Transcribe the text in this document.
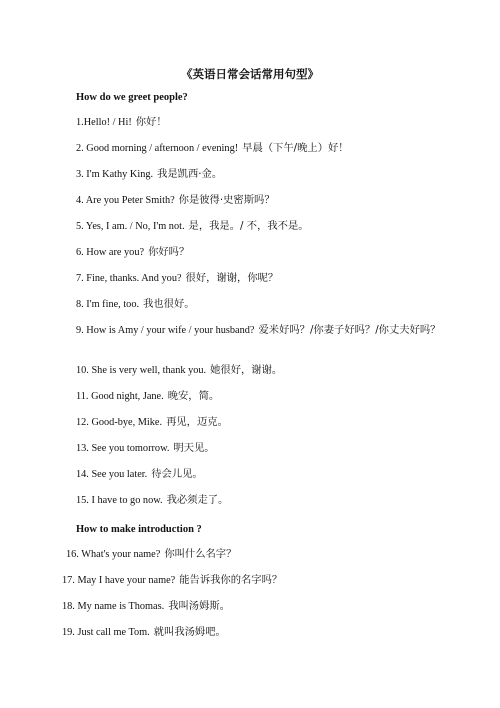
《英语日常会话常用句型》
How do we greet people?
1.Hello! / Hi! 你好！
2. Good morning / afternoon / evening! 早晨（下午/晚上）好！
3. I'm Kathy King. 我是凯西·金。
4. Are you Peter Smith? 你是彼得·史密斯吗？
5. Yes, I am. / No, I'm not. 是，我是。/ 不，我不是。
6. How are you? 你好吗？
7. Fine, thanks. And you? 很好，谢谢，你呢？
8. I'm fine, too. 我也很好。
9. How is Amy / your wife / your husband? 爱米好吗？/你妻子好吗？/你丈夫好吗？
10. She is very well, thank you. 她很好，谢谢。
11. Good night, Jane. 晚安，简。
12. Good-bye, Mike. 再见，迈克。
13. See you tomorrow. 明天见。
14. See you later. 待会儿见。
15. I have to go now. 我必须走了。
How to make introduction ?
16. What's your name? 你叫什么名字？
17. May I have your name? 能告诉我你的名字吗？
18. My name is Thomas. 我叫汤姆斯。
19. Just call me Tom. 就叫我汤姆吧。
